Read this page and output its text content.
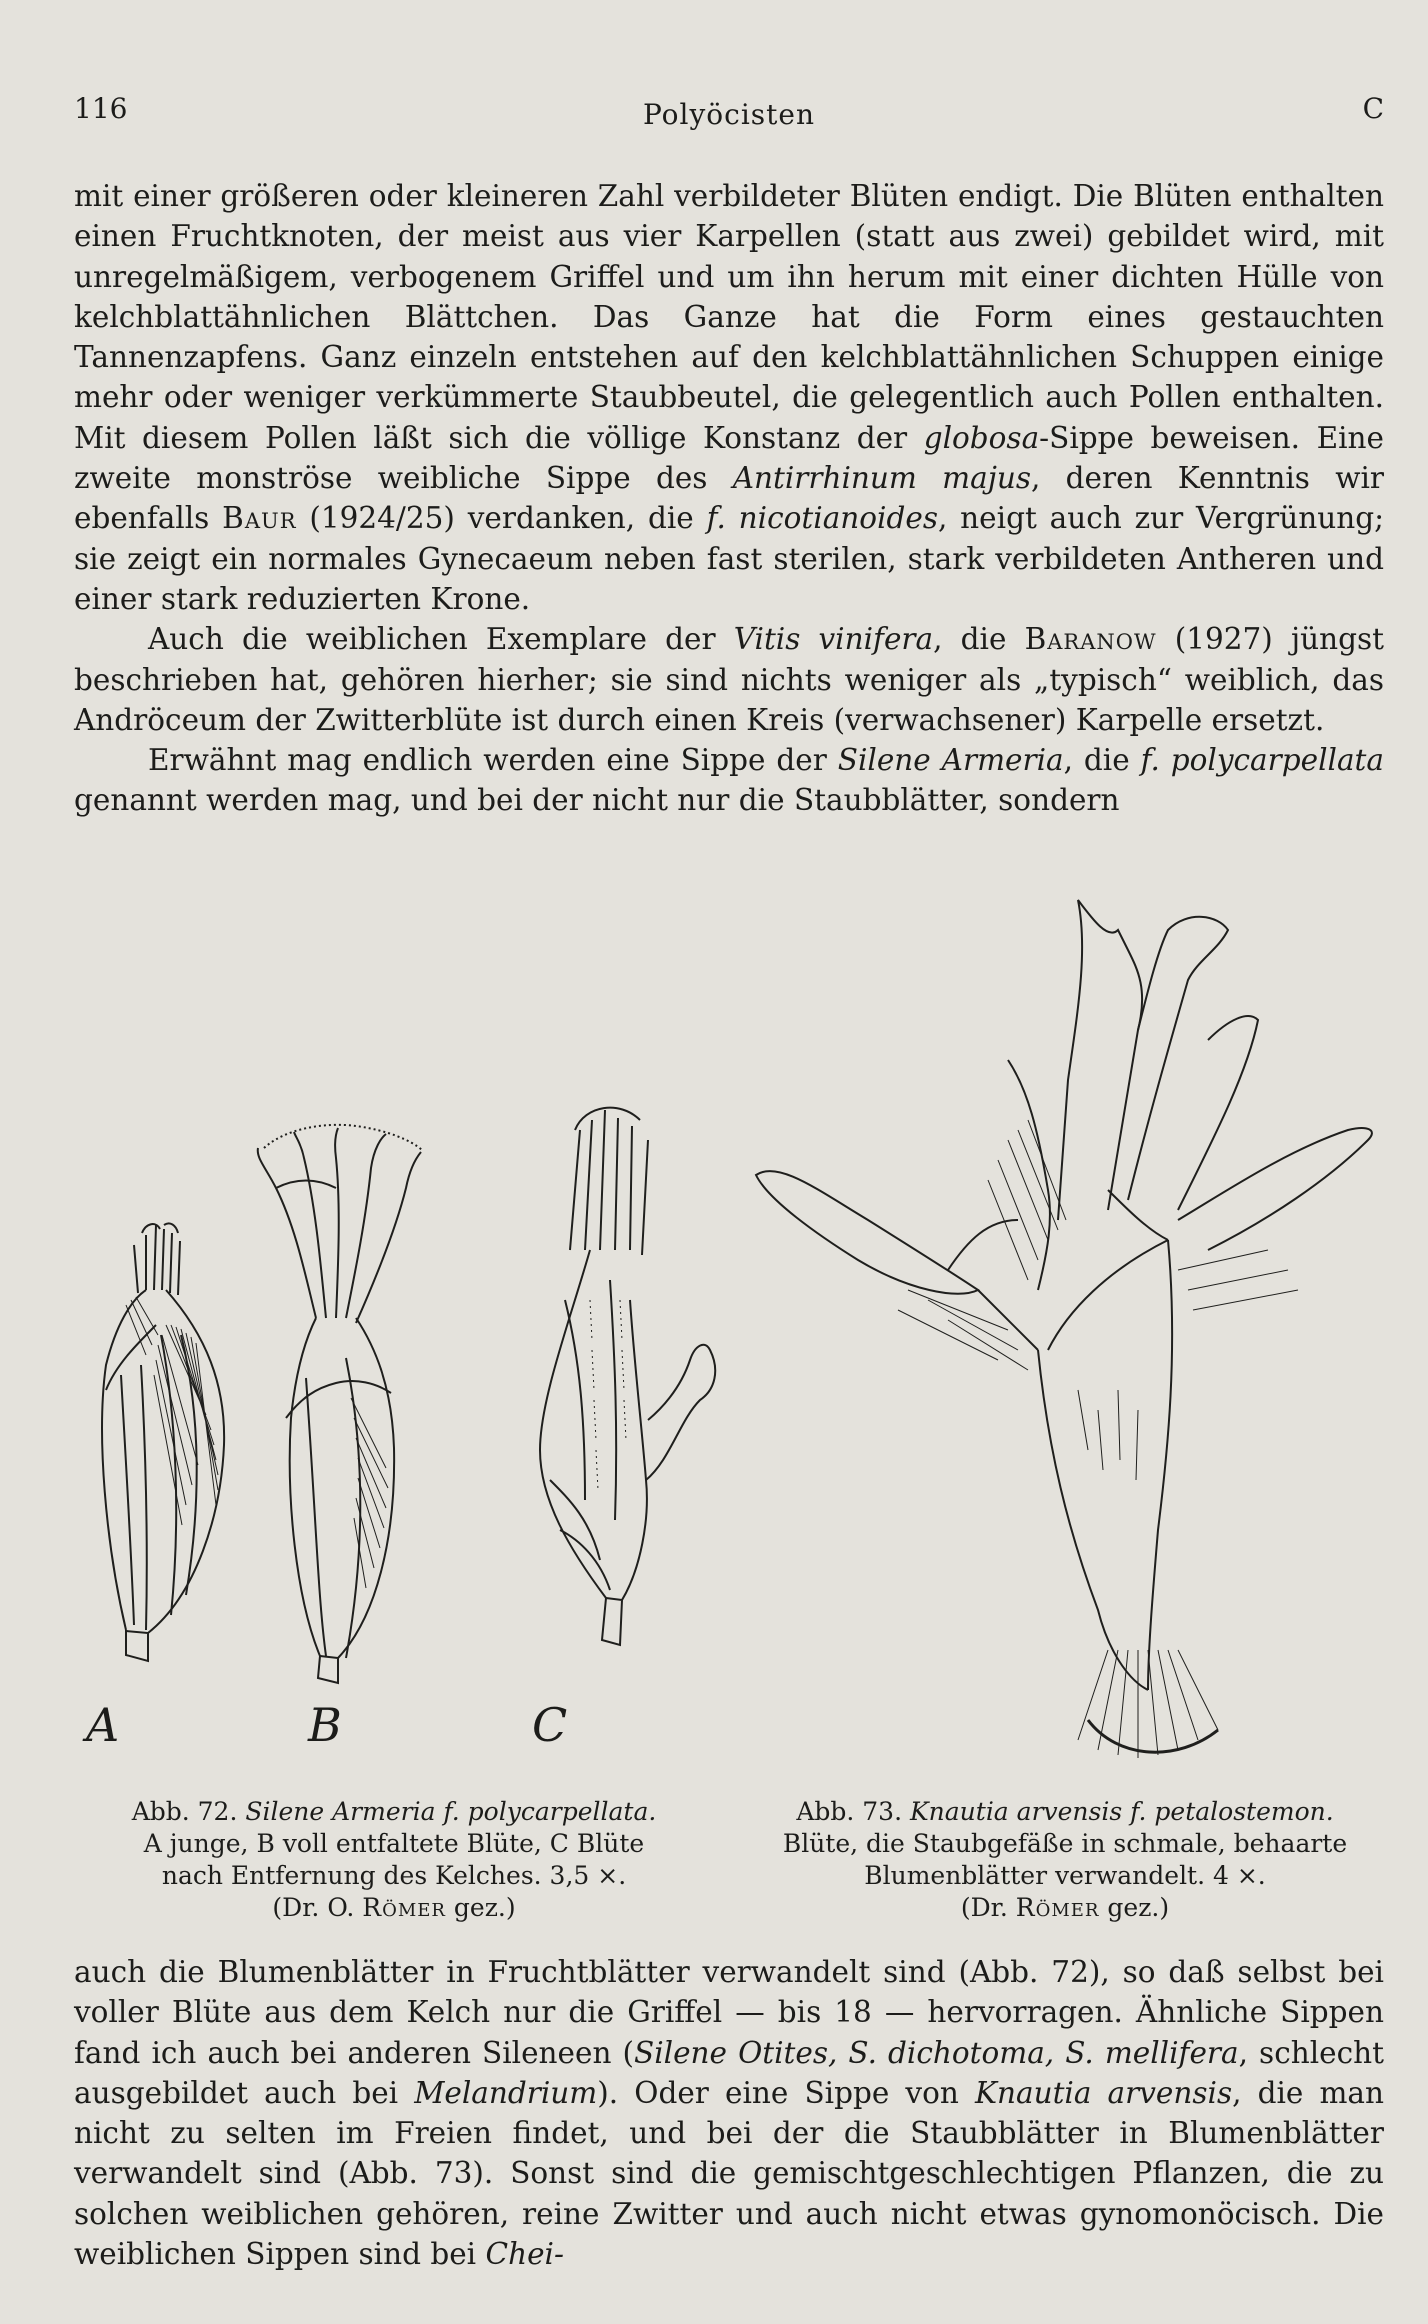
116	Polyöcisten	C

mit einer größeren oder kleineren Zahl verbildeter Blüten endigt. Die Blüten enthalten einen Fruchtknoten, der meist aus vier Karpellen (statt aus zwei) gebildet wird, mit unregelmäßigem, verbogenem Griffel und um ihn herum mit einer dichten Hülle von kelchblattähnlichen Blättchen. Das Ganze hat die Form eines gestauchten Tannenzapfens. Ganz einzeln entstehen auf den kelchblattähnlichen Schuppen einige mehr oder weniger verkümmerte Staubbeutel, die gelegentlich auch Pollen enthalten. Mit diesem Pollen läßt sich die völlige Konstanz der globosa-Sippe beweisen. Eine zweite monströse weibliche Sippe des Antirrhinum majus, deren Kenntnis wir ebenfalls Baur (1924/25) verdanken, die f. nicotianoides, neigt auch zur Vergrünung; sie zeigt ein normales Gynecaeum neben fast sterilen, stark verbildeten Antheren und einer stark reduzierten Krone.

Auch die weiblichen Exemplare der Vitis vinifera, die Baranow (1927) jüngst beschrieben hat, gehören hierher; sie sind nichts weniger als „typisch“ weiblich, das Andröceum der Zwitterblüte ist durch einen Kreis (verwachsener) Karpelle ersetzt.

Erwähnt mag endlich werden eine Sippe der Silene Armeria, die f. polycarpellata genannt werden mag, und bei der nicht nur die Staubblätter, sondern

A	B	C

Abb. 72. Silene Armeria f. polycarpellata.

A junge, B voll entfaltete Blüte, C Blüte

nach Entfernung des Kelches. 3,5 ×.

(Dr. O. Römer gez.)

Abb. 73. Knautia arvensis f. petalostemon.

Blüte, die Staubgefäße in schmale, behaarte

Blumenblätter verwandelt. 4 ×.

(Dr. Römer gez.)

auch die Blumenblätter in Fruchtblätter verwandelt sind (Abb. 72), so daß selbst bei voller Blüte aus dem Kelch nur die Griffel — bis 18 — hervorragen. Ähnliche Sippen fand ich auch bei anderen Sileneen (Silene Otites, S. dichotoma, S. mellifera, schlecht ausgebildet auch bei Melandrium). Oder eine Sippe von Knautia arvensis, die man nicht zu selten im Freien findet, und bei der die Staubblätter in Blumenblätter verwandelt sind (Abb. 73). Sonst sind die gemischtgeschlechtigen Pflanzen, die zu solchen weiblichen gehören, reine Zwitter und auch nicht etwas gynomonöcisch. Die weiblichen Sippen sind bei Chei-
